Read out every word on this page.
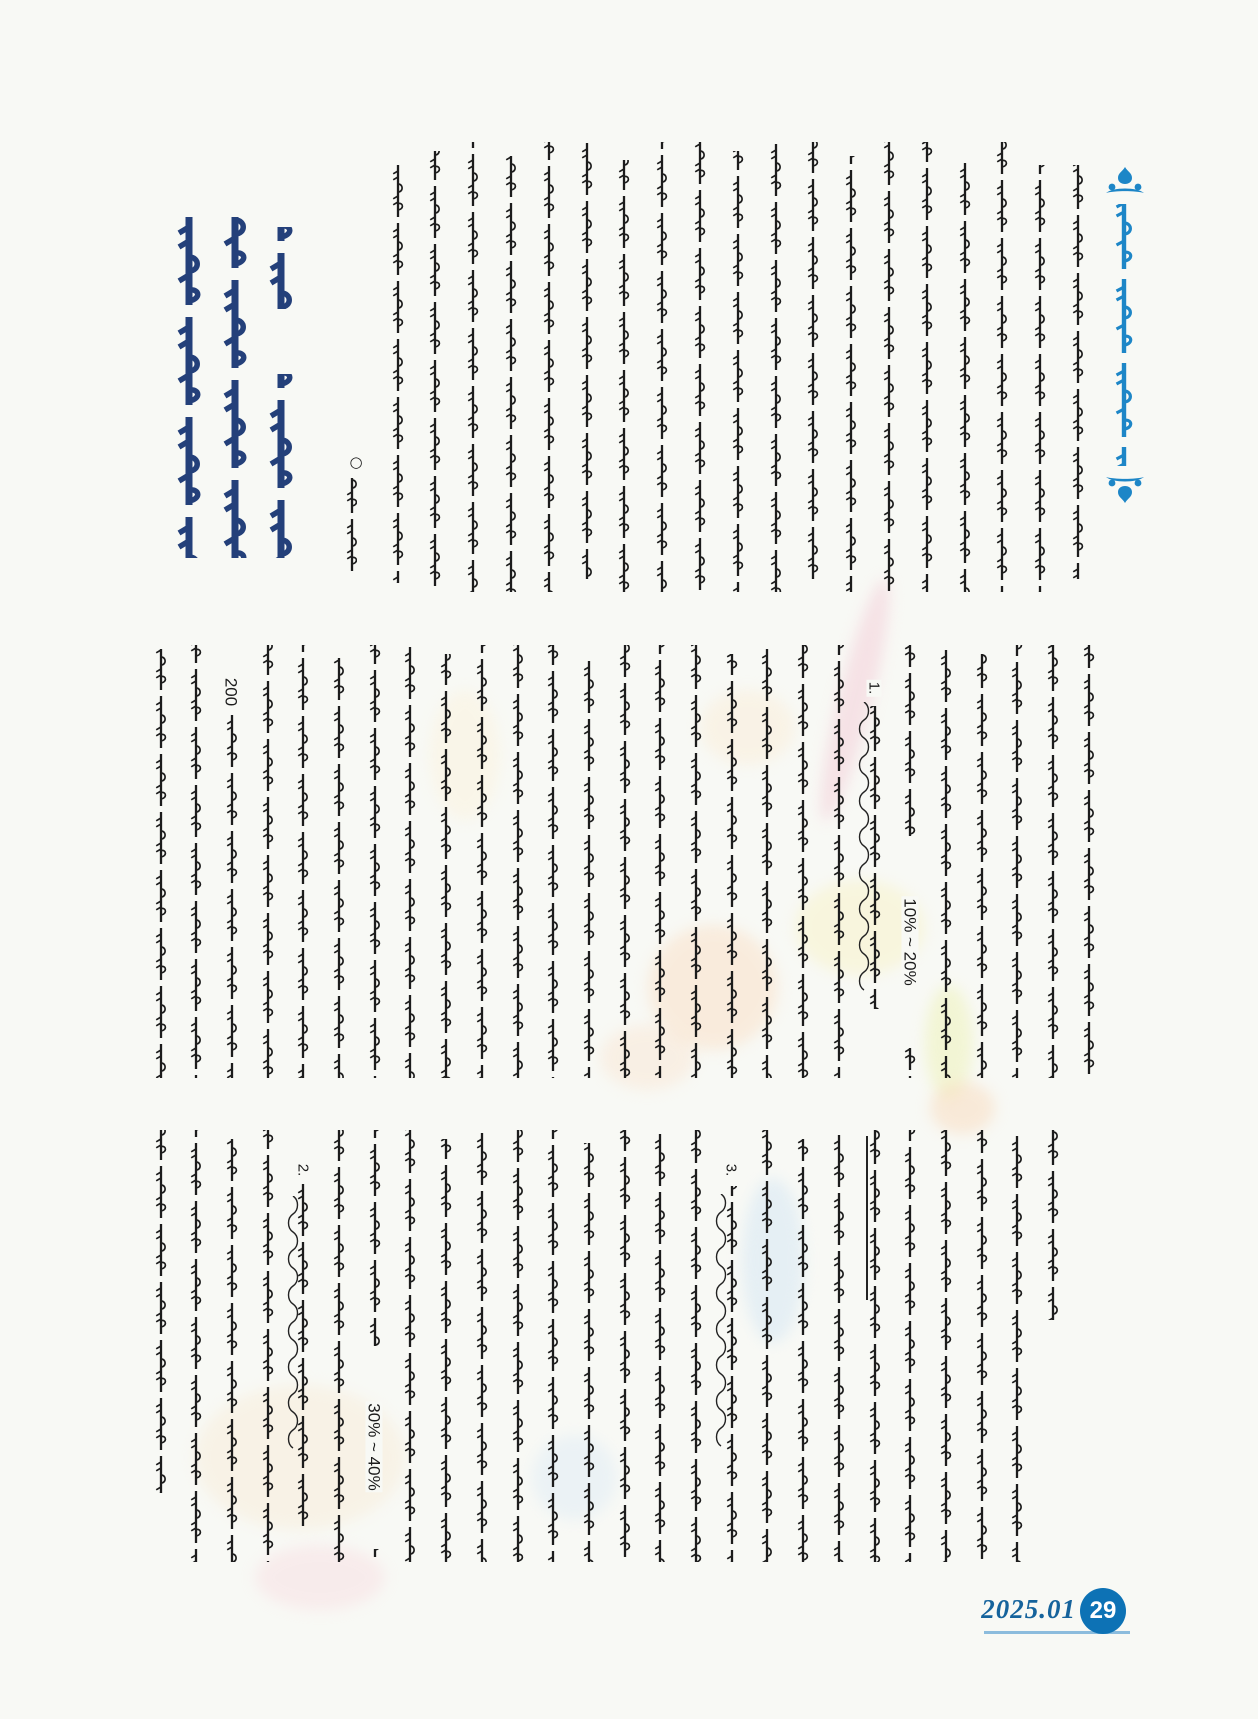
○
1.
2.	3.
200
10% ~ 20%
30% ~ 40%
2025.01 29
